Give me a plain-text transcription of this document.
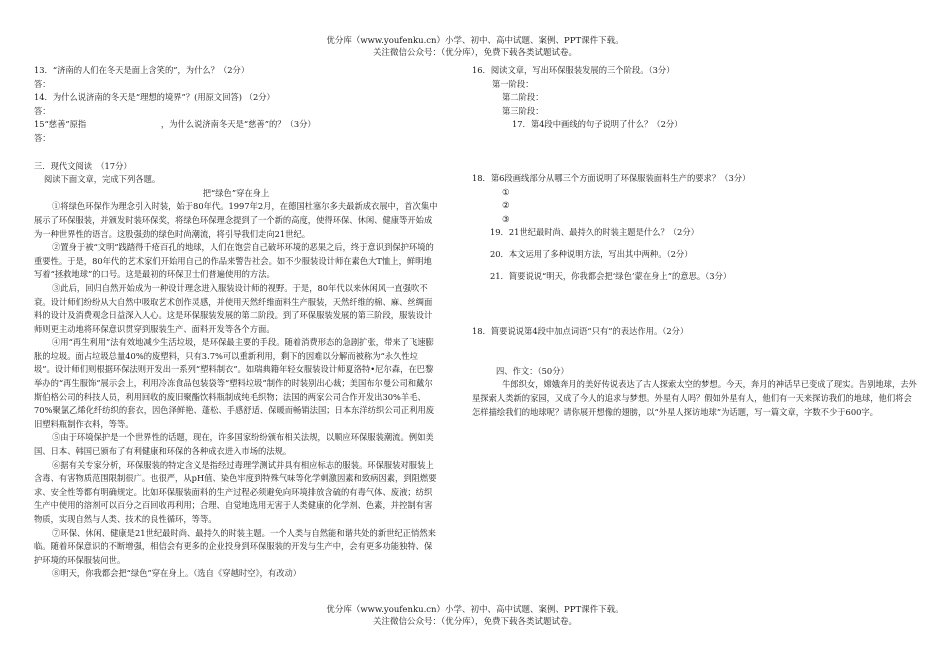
优分库（www.youfenku.cn）小学、初中、高中试题、案例、PPT课件下载。
关注微信公众号：（优分库），免费下载各类试题试卷。

13．“济南的人们在冬天是面上含笑的”，为什么？（2分）

答：

14．为什么说济南的冬天是“理想的境界”？(用原文回答) （2分）

答：

15“慈善”原指　　　　　　　　　，为什么说济南冬天是“慈善”的？（3分）

答：

三．现代文阅读　（17分）

阅读下面文章，完成下列各题。

把“绿色”穿在身上

①将绿色环保作为理念引入时装，始于80年代。1997年2月，在德国杜塞尔多夫最新成衣展中，首次集中展示了环保服装，并颁发时装环保奖，将绿色环保理念提到了一个新的高度，使得环保、休闲、健康等开始成为一种世界性的语言。这股强劲的绿色时尚潮流，将引导我们走向21世纪。

②置身于被“文明”践踏得千疮百孔的地球，人们在饱尝自己破坏环境的恶果之后，终于意识到保护环境的重要性。于是，80年代的艺术家们开始用自己的作品来警告社会。如不少服装设计师在素色大T恤上，鲜明地写着“拯救地球”的口号。这是最初的环保卫士们普遍使用的方法。

③此后，回归自然开始成为一种设计理念进入服装设计师的视野。于是，80年代以来休闲风一直强吹不衰。设计师们纷纷从大自然中吸取艺术创作灵感，并使用天然纤维面料生产服装，天然纤维的棉、麻、丝绸面料的设计及消费观念日益深入人心。这是环保服装发展的第二阶段。到了环保服装发展的第三阶段，服装设计师则更主动地将环保意识贯穿到服装生产、面料开发等各个方面。

④用“再生利用”法有效地减少生活垃圾，是环保最主要的手段。随着消费形态的急剧扩张，带来了飞速膨胀的垃圾。面占垃圾总量40%的废塑料，只有3.7%可以重新利用，剩下的因难以分解而被称为“永久性垃圾”。设计师们则根据环保法则开发出一系列“塑料制衣”。如瑞典籍年轻女服装设计师夏洛特•尼尔森，在巴黎举办的“再生服饰”展示会上，利用冷冻食品包装袋等“塑料垃圾”制作的时装别出心裁；美国布尔曼公司和戴尔斯伯格公司的科技人员，利用回收的废旧聚酯饮料瓶制成纯毛织物；法国的两家公司合作开发出30%羊毛、70%聚氯乙烯化纤纺织的套衣，因色泽鲜艳、蓬松、手感舒适、保暖而畅销法国；日本东洋纺织公司正利用废旧塑料瓶制作衣料，等等。

⑤由于环境保护是一个世界性的话题，现在，许多国家纷纷颁布相关法规，以顺应环保服装潮流。例如美国、日本、韩国已颁布了有利健康和环保的各种成衣进入市场的法规。

⑥据有关专家分析，环保服装的特定含义是指经过毒理学测试并具有相应标志的服装。环保服装对服装上含毒、有害物质范围限制很广。也很严，从pH值、染色牢度到特殊气味等化学刺激因素和致病因素，到阻燃要求、安全性等都有明确规定。比如环保服装面料的生产过程必须避免向环境排放含硫的有毒气体、废液；纺织生产中使用的溶剂可以百分之百回收再利用；合理、自觉地选用无害于人类健康的化学剂、色素，并控制有害物质，实现自然与人类、技术的良性循环，等等。

⑦环保、休闲、健康是21世纪最时尚、最持久的时装主题。一个人类与自然能和谐共处的新世纪正悄然来临。随着环保意识的不断增强，相信会有更多的企业投身到环保服装的开发与生产中，会有更多功能独特、保护环境的环保服装问世。

⑧明天，你我都会把“绿色”穿在身上。（选自《穿越时空》，有改动）

16．阅读文章，写出环保服装发展的三个阶段。（3分）

第一阶段：

第二阶段：

第三阶段：

17．第4段中画线的句子说明了什么？（2分）

18．第6段画线部分从哪三个方面说明了环保服装面料生产的要求？（3分）

①

②

③

19．21世纪最时尚、最持久的时装主题是什么？（2分）

20．本文运用了多种说明方法，写出其中两种。（2分）

21．简要说说“明天，你我都会把‘绿色’蒙在身上”的意思。（3分）

18．简要说说第4段中加点词语“只有”的表达作用。（2分）

四、作文：（50分）

牛郎织女，嫦娥奔月的美好传说表达了古人探索太空的梦想。今天，奔月的神话早已变成了现实。告别地球，去外星探索人类新的家园，又成了今人的追求与梦想。外星有人吗？假如外星有人，他们有一天来探访我们的地球，他们将会怎样描绘我们的地球呢？请你展开想像的翅膀，以“外星人探访地球”为话题，写一篇文章，字数不少于600字。

优分库（www.youfenku.cn）小学、初中、高中试题、案例、PPT课件下载。
关注微信公众号：（优分库），免费下载各类试题试卷。
